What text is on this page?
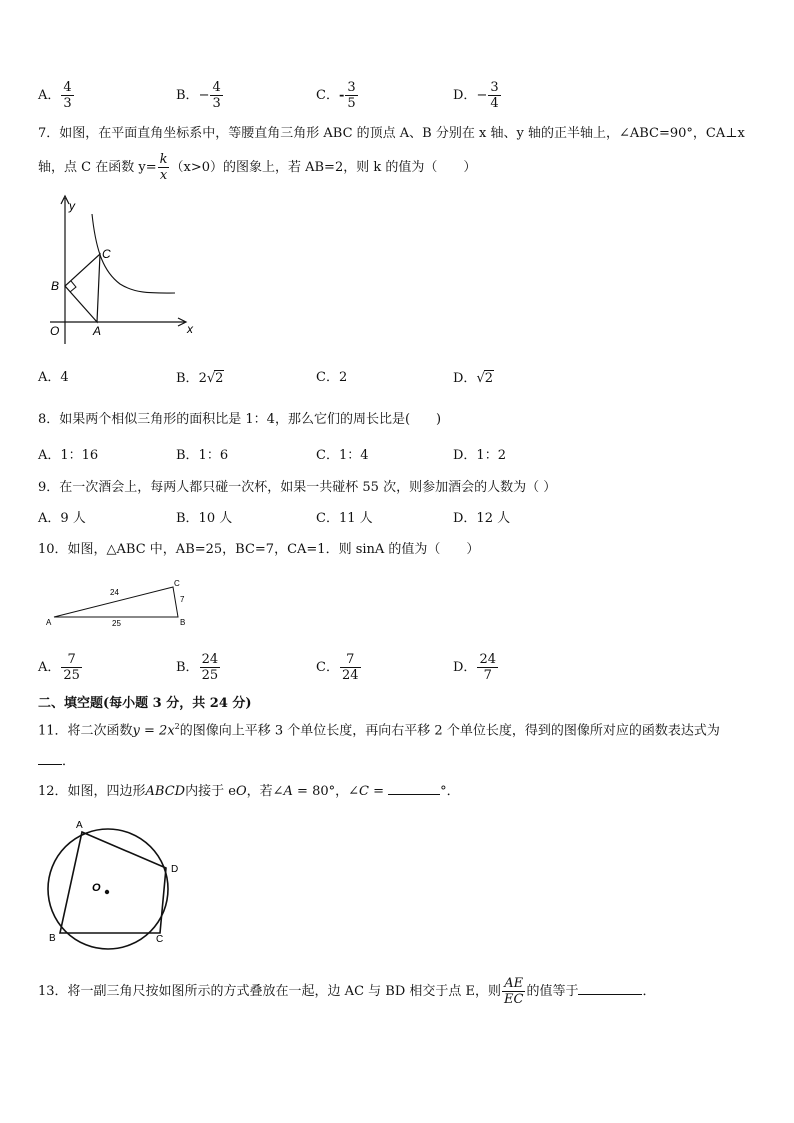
A． $\frac{4}{3}$	B．− $\frac{4}{3}$	C．- $\frac{3}{5}$	D．− $\frac{3}{4}$
7．如图，在平面直角坐标系中，等腰直角三角形 ABC 的顶点 A、B 分别在 x 轴、y 轴的正半轴上，∠ABC=90°，CA⊥x
轴，点 C 在函数 $y= \frac{k}{x} (x>0)$的图象上，若 AB=2，则 k 的值为（　　）
y
x
O	A
B
C
A．4	B．2√2	C．2	D．√2
8．如果两个相似三角形的面积比是 1：4，那么它们的周长比是(　　)
A．1：16	B．1：6	C．1：4	D．1：2
9．在一次酒会上，每两人都只碰一次杯，如果一共碰杯 55 次，则参加酒会的人数为（ ）
A．9 人	B．10 人	C．11 人	D．12 人
10．如图，△ABC 中，AB=25，BC=7，CA=1．则 sinA 的值为（　　）
A	B
C
25
24
7
A． $\frac{7}{25}$	B． $\frac{24}{25}$	C． $\frac{7}{24}$	D． $\frac{24}{7}$
二、填空题(每小题 3 分，共 24 分)
11．将二次函数$y = 2x^2$的图像向上平移 3 个单位长度，再向右平移 2 个单位长度，得到的图像所对应的函数表达式为
．
12．如图，四边形ABCD内接于 eO，若∠A = 80°，∠C =	°．
O
A
B	C
D
13．将一副三角尺按如图所示的方式叠放在一起，边 AC 与 BD 相交于点 E，则 $\frac{AE}{EC}$ 的值等于	．
